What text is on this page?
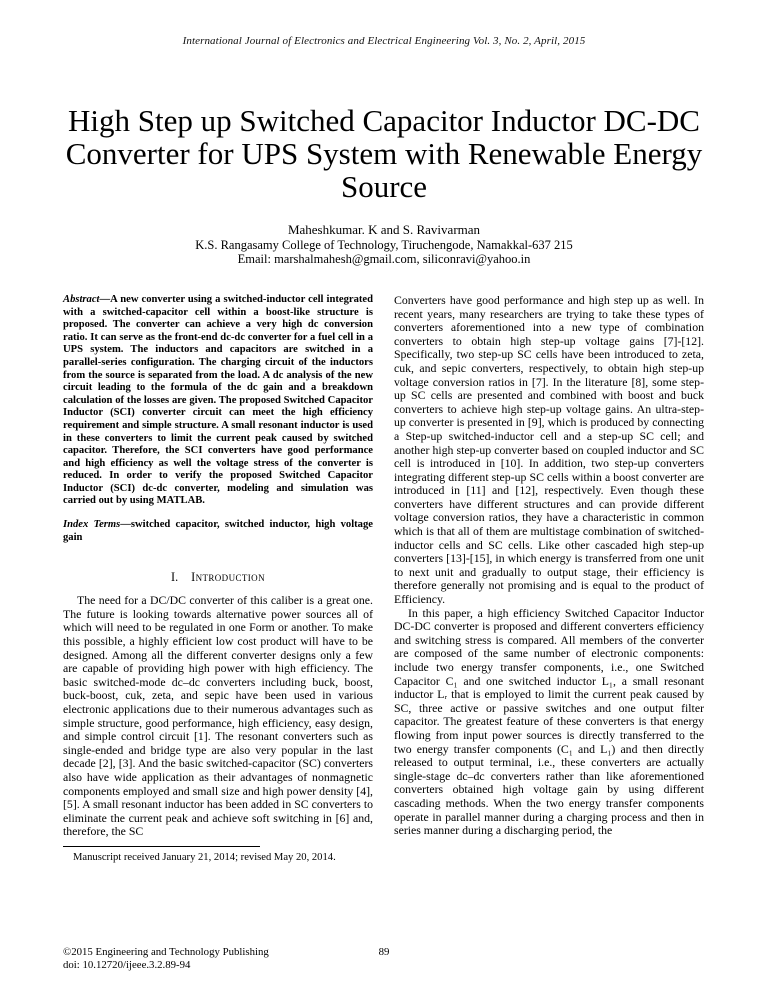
International Journal of Electronics and Electrical Engineering Vol. 3, No. 2, April, 2015
High Step up Switched Capacitor Inductor DC-DC Converter for UPS System with Renewable Energy Source
Maheshkumar. K and S. Ravivarman
K.S. Rangasamy College of Technology, Tiruchengode, Namakkal-637 215
Email: marshalmahesh@gmail.com, siliconravi@yahoo.in

Abstract—A new converter using a switched-inductor cell integrated with a switched-capacitor cell within a boost-like structure is proposed. The converter can achieve a very high dc conversion ratio. It can serve as the front-end dc-dc converter for a fuel cell in a UPS system. The inductors and capacitors are switched in a parallel-series configuration. The charging circuit of the inductors from the source is separated from the load. A dc analysis of the new circuit leading to the formula of the dc gain and a breakdown calculation of the losses are given. The proposed Switched Capacitor Inductor (SCI) converter circuit can meet the high efficiency requirement and simple structure. A small resonant inductor is used in these converters to limit the current peak caused by switched capacitor. Therefore, the SCI converters have good performance and high efficiency as well the voltage stress of the converter is reduced. In order to verify the proposed Switched Capacitor Inductor (SCI) dc-dc converter, modeling and simulation was carried out by using MATLAB.

Index Terms—switched capacitor, switched inductor, high voltage gain

I. Introduction

The need for a DC/DC converter of this caliber is a great one. The future is looking towards alternative power sources all of which will need to be regulated in one Form or another. To make this possible, a highly efficient low cost product will have to be designed. Among all the different converter designs only a few are capable of providing high power with high efficiency. The basic switched-mode dc–dc converters including buck, boost, buck-boost, cuk, zeta, and sepic have been used in various electronic applications due to their numerous advantages such as simple structure, good performance, high efficiency, easy design, and simple control circuit [1]. The resonant converters such as single-ended and bridge type are also very popular in the last decade [2], [3]. And the basic switched-capacitor (SC) converters also have wide application as their advantages of nonmagnetic components employed and small size and high power density [4], [5]. A small resonant inductor has been added in SC converters to eliminate the current peak and achieve soft switching in [6] and, therefore, the SC

Manuscript received January 21, 2014; revised May 20, 2014.

Converters have good performance and high step up as well. In recent years, many researchers are trying to take these types of converters aforementioned into a new type of combination converters to obtain high step-up voltage gains [7]-[12]. Specifically, two step-up SC cells have been introduced to zeta, cuk, and sepic converters, respectively, to obtain high step-up voltage conversion ratios in [7]. In the literature [8], some step-up SC cells are presented and combined with boost and buck converters to achieve high step-up voltage gains. An ultra-step-up converter is presented in [9], which is produced by connecting a Step-up switched-inductor cell and a step-up SC cell; and another high step-up converter based on coupled inductor and SC cell is introduced in [10]. In addition, two step-up converters integrating different step-up SC cells within a boost converter are introduced in [11] and [12], respectively. Even though these converters have different structures and can provide different voltage conversion ratios, they have a characteristic in common which is that all of them are multistage combination of switched-inductor cells and SC cells. Like other cascaded high step-up converters [13]-[15], in which energy is transferred from one unit to next unit and gradually to output stage, their efficiency is therefore generally not promising and is equal to the product of Efficiency.

In this paper, a high efficiency Switched Capacitor Inductor DC-DC converter is proposed and different converters efficiency and switching stress is compared. All members of the converter are composed of the same number of electronic components: include two energy transfer components, i.e., one Switched Capacitor C₁ and one switched inductor L₁, a small resonant inductor Lᵣ that is employed to limit the current peak caused by SC, three active or passive switches and one output filter capacitor. The greatest feature of these converters is that energy flowing from input power sources is directly transferred to the two energy transfer components (C₁ and L₁) and then directly released to output terminal, i.e., these converters are actually single-stage dc–dc converters rather than like aforementioned converters obtained high voltage gain by using different cascading methods. When the two energy transfer components operate in parallel manner during a charging process and then in series manner during a discharging period, the

©2015 Engineering and Technology Publishing
doi: 10.12720/ijeee.3.2.89-94
89
